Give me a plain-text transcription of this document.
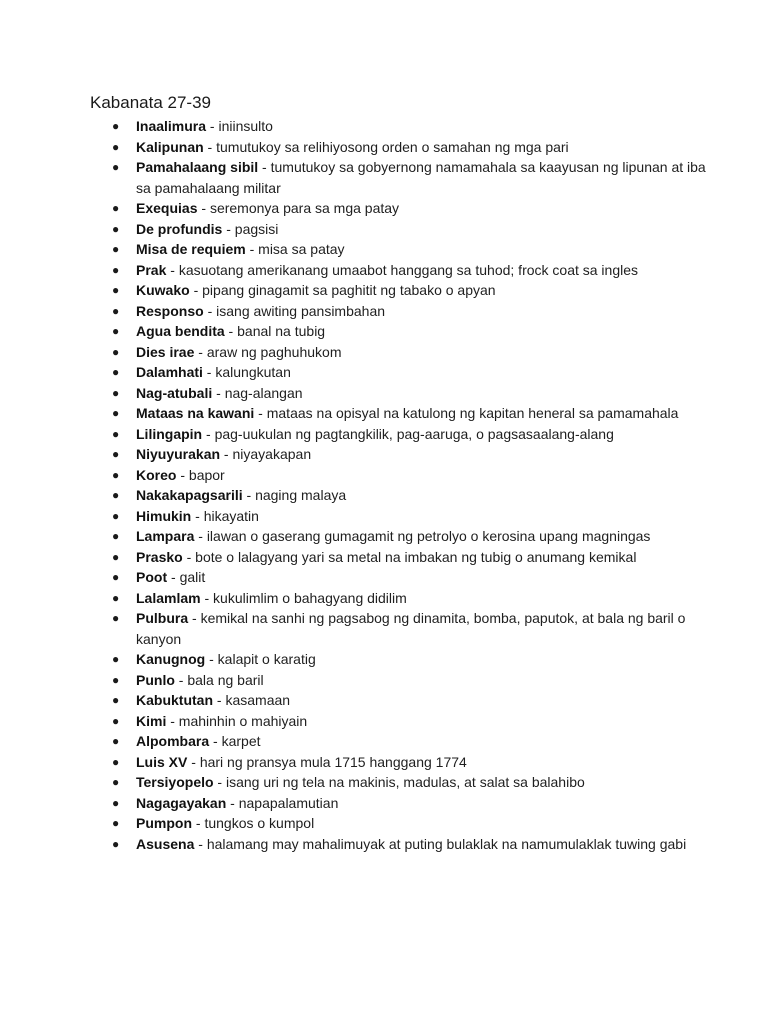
Kabanata 27-39
● Inaalimura - iniinsulto
● Kalipunan - tumutukoy sa relihiyosong orden o samahan ng mga pari
● Pamahalaang sibil - tumutukoy sa gobyernong namamahala sa kaayusan ng lipunan at iba sa pamahalaang militar
● Exequias - seremonya para sa mga patay
● De profundis - pagsisi
● Misa de requiem - misa sa patay
● Prak - kasuotang amerikanang umaabot hanggang sa tuhod; frock coat sa ingles
● Kuwako - pipang ginagamit sa paghitit ng tabako o apyan
● Responso - isang awiting pansimbahan
● Agua bendita - banal na tubig
● Dies irae - araw ng paghuhukom
● Dalamhati - kalungkutan
● Nag-atubali - nag-alangan
● Mataas na kawani - mataas na opisyal na katulong ng kapitan heneral sa pamamahala
● Lilingapin - pag-uukulan ng pagtangkilik, pag-aaruga, o pagsasaalang-alang
● Niyuyurakan - niyayakapan
● Koreo - bapor
● Nakakapagsarili - naging malaya
● Himukin - hikayatin
● Lampara - ilawan o gaserang gumagamit ng petrolyo o kerosina upang magningas
● Prasko - bote o lalagyang yari sa metal na imbakan ng tubig o anumang kemikal
● Poot - galit
● Lalamlam - kukulimlim o bahagyang didilim
● Pulbura - kemikal na sanhi ng pagsabog ng dinamita, bomba, paputok, at bala ng baril o kanyon
● Kanugnog - kalapit o karatig
● Punlo - bala ng baril
● Kabuktutan - kasamaan
● Kimi - mahinhin o mahiyain
● Alpombara - karpet
● Luis XV - hari ng pransya mula 1715 hanggang 1774
● Tersiyopelo - isang uri ng tela na makinis, madulas, at salat sa balahibo
● Nagagayakan - napapalamutian
● Pumpon - tungkos o kumpol
● Asusena - halamang may mahalimuyak at puting bulaklak na namumulaklak tuwing gabi
